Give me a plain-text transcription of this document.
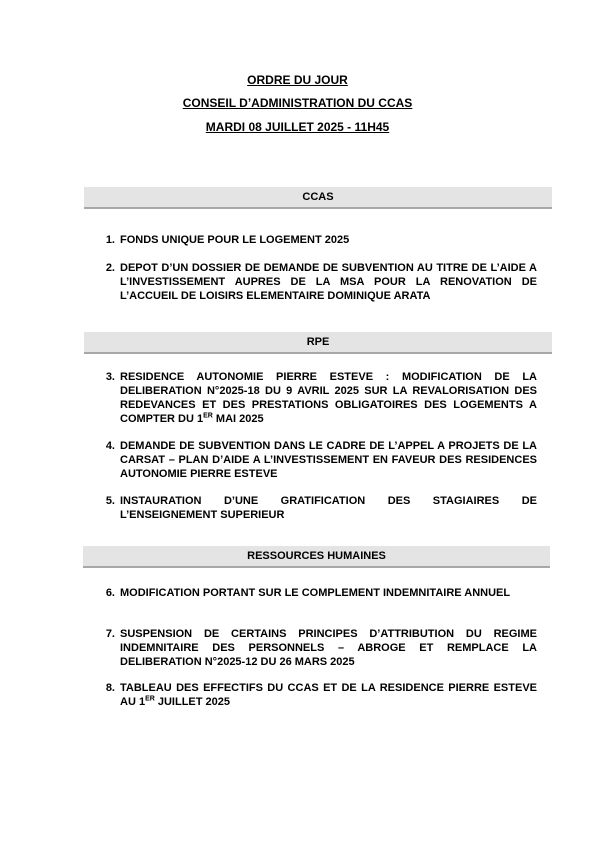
ORDRE DU JOUR
CONSEIL D’ADMINISTRATION DU CCAS
MARDI 08 JUILLET 2025 - 11H45
CCAS
1. FONDS UNIQUE POUR LE LOGEMENT 2025
2. DEPOT D’UN DOSSIER DE DEMANDE DE SUBVENTION AU TITRE DE L’AIDE A L’INVESTISSEMENT AUPRES DE LA MSA POUR LA RENOVATION DE L’ACCUEIL DE LOISIRS ELEMENTAIRE DOMINIQUE ARATA
RPE
3. RESIDENCE AUTONOMIE PIERRE ESTEVE : MODIFICATION DE LA DELIBERATION N°2025-18 DU 9 AVRIL 2025 SUR LA REVALORISATION DES REDEVANCES ET DES PRESTATIONS OBLIGATOIRES DES LOGEMENTS A COMPTER DU 1ER MAI 2025
4. DEMANDE DE SUBVENTION DANS LE CADRE DE L’APPEL A PROJETS DE LA CARSAT – PLAN D’AIDE A L’INVESTISSEMENT EN FAVEUR DES RESIDENCES AUTONOMIE PIERRE ESTEVE
5. INSTAURATION D’UNE GRATIFICATION DES STAGIAIRES DE L’ENSEIGNEMENT SUPERIEUR
RESSOURCES HUMAINES
6. MODIFICATION PORTANT SUR LE COMPLEMENT INDEMNITAIRE ANNUEL
7. SUSPENSION DE CERTAINS PRINCIPES D’ATTRIBUTION DU REGIME INDEMNITAIRE DES PERSONNELS – ABROGE ET REMPLACE LA DELIBERATION N°2025-12 DU 26 MARS 2025
8. TABLEAU DES EFFECTIFS DU CCAS ET DE LA RESIDENCE PIERRE ESTEVE AU 1ER JUILLET 2025
